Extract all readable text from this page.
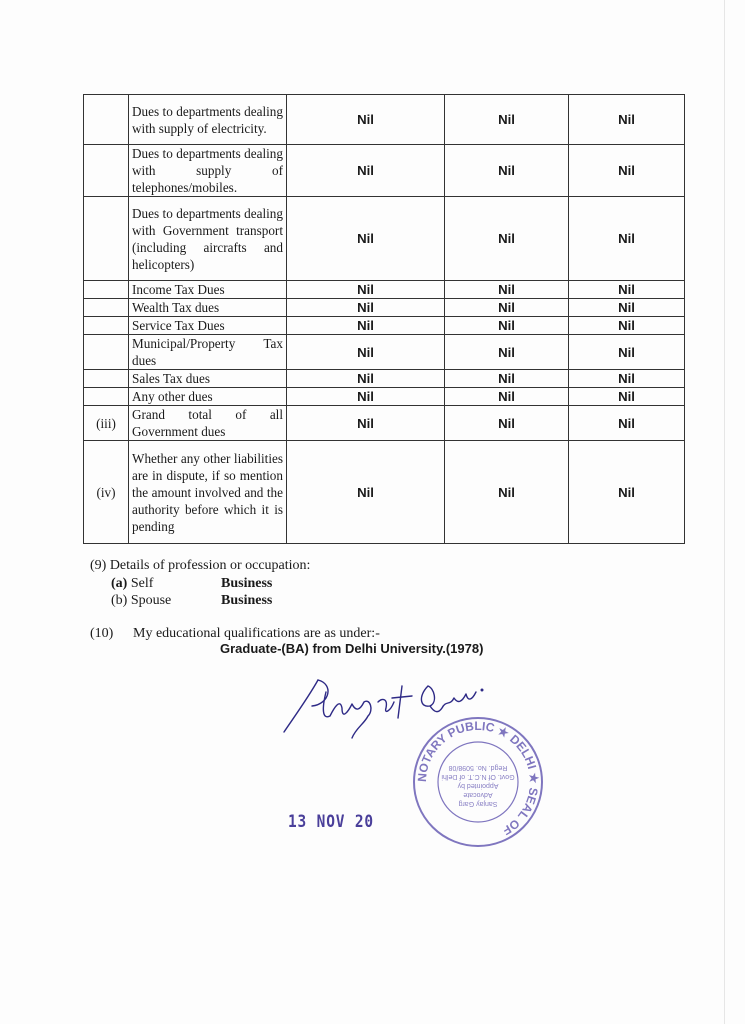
	Dues to departments dealing with supply of electricity.	Nil	Nil	Nil
	Dues to departments dealing with supply of telephones/mobiles.	Nil	Nil	Nil
	Dues to departments dealing with Government transport (including aircrafts and helicopters)	Nil	Nil	Nil
	Income Tax Dues	Nil	Nil	Nil
	Wealth Tax dues	Nil	Nil	Nil
	Service Tax Dues	Nil	Nil	Nil
	Municipal/Property Tax dues	Nil	Nil	Nil
	Sales Tax dues	Nil	Nil	Nil
	Any other dues	Nil	Nil	Nil
(iii)	Grand total of all Government dues	Nil	Nil	Nil
(iv)	Whether any other liabilities are in dispute, if so mention the amount involved and the authority before which it is pending	Nil	Nil	Nil
(9) Details of profession or occupation:
(a) Self	Business
(b) Spouse	Business
(10) My educational qualifications are as under:-
Graduate-(BA) from Delhi University.(1978)
NOTARY PUBLIC ★ DELHI ★ SEAL OF
Sanjay Garg
Advocate
Appointed by
Govt. Of N.C.T. of Delhi
Regd. No. 5098/08
13 NOV 20
